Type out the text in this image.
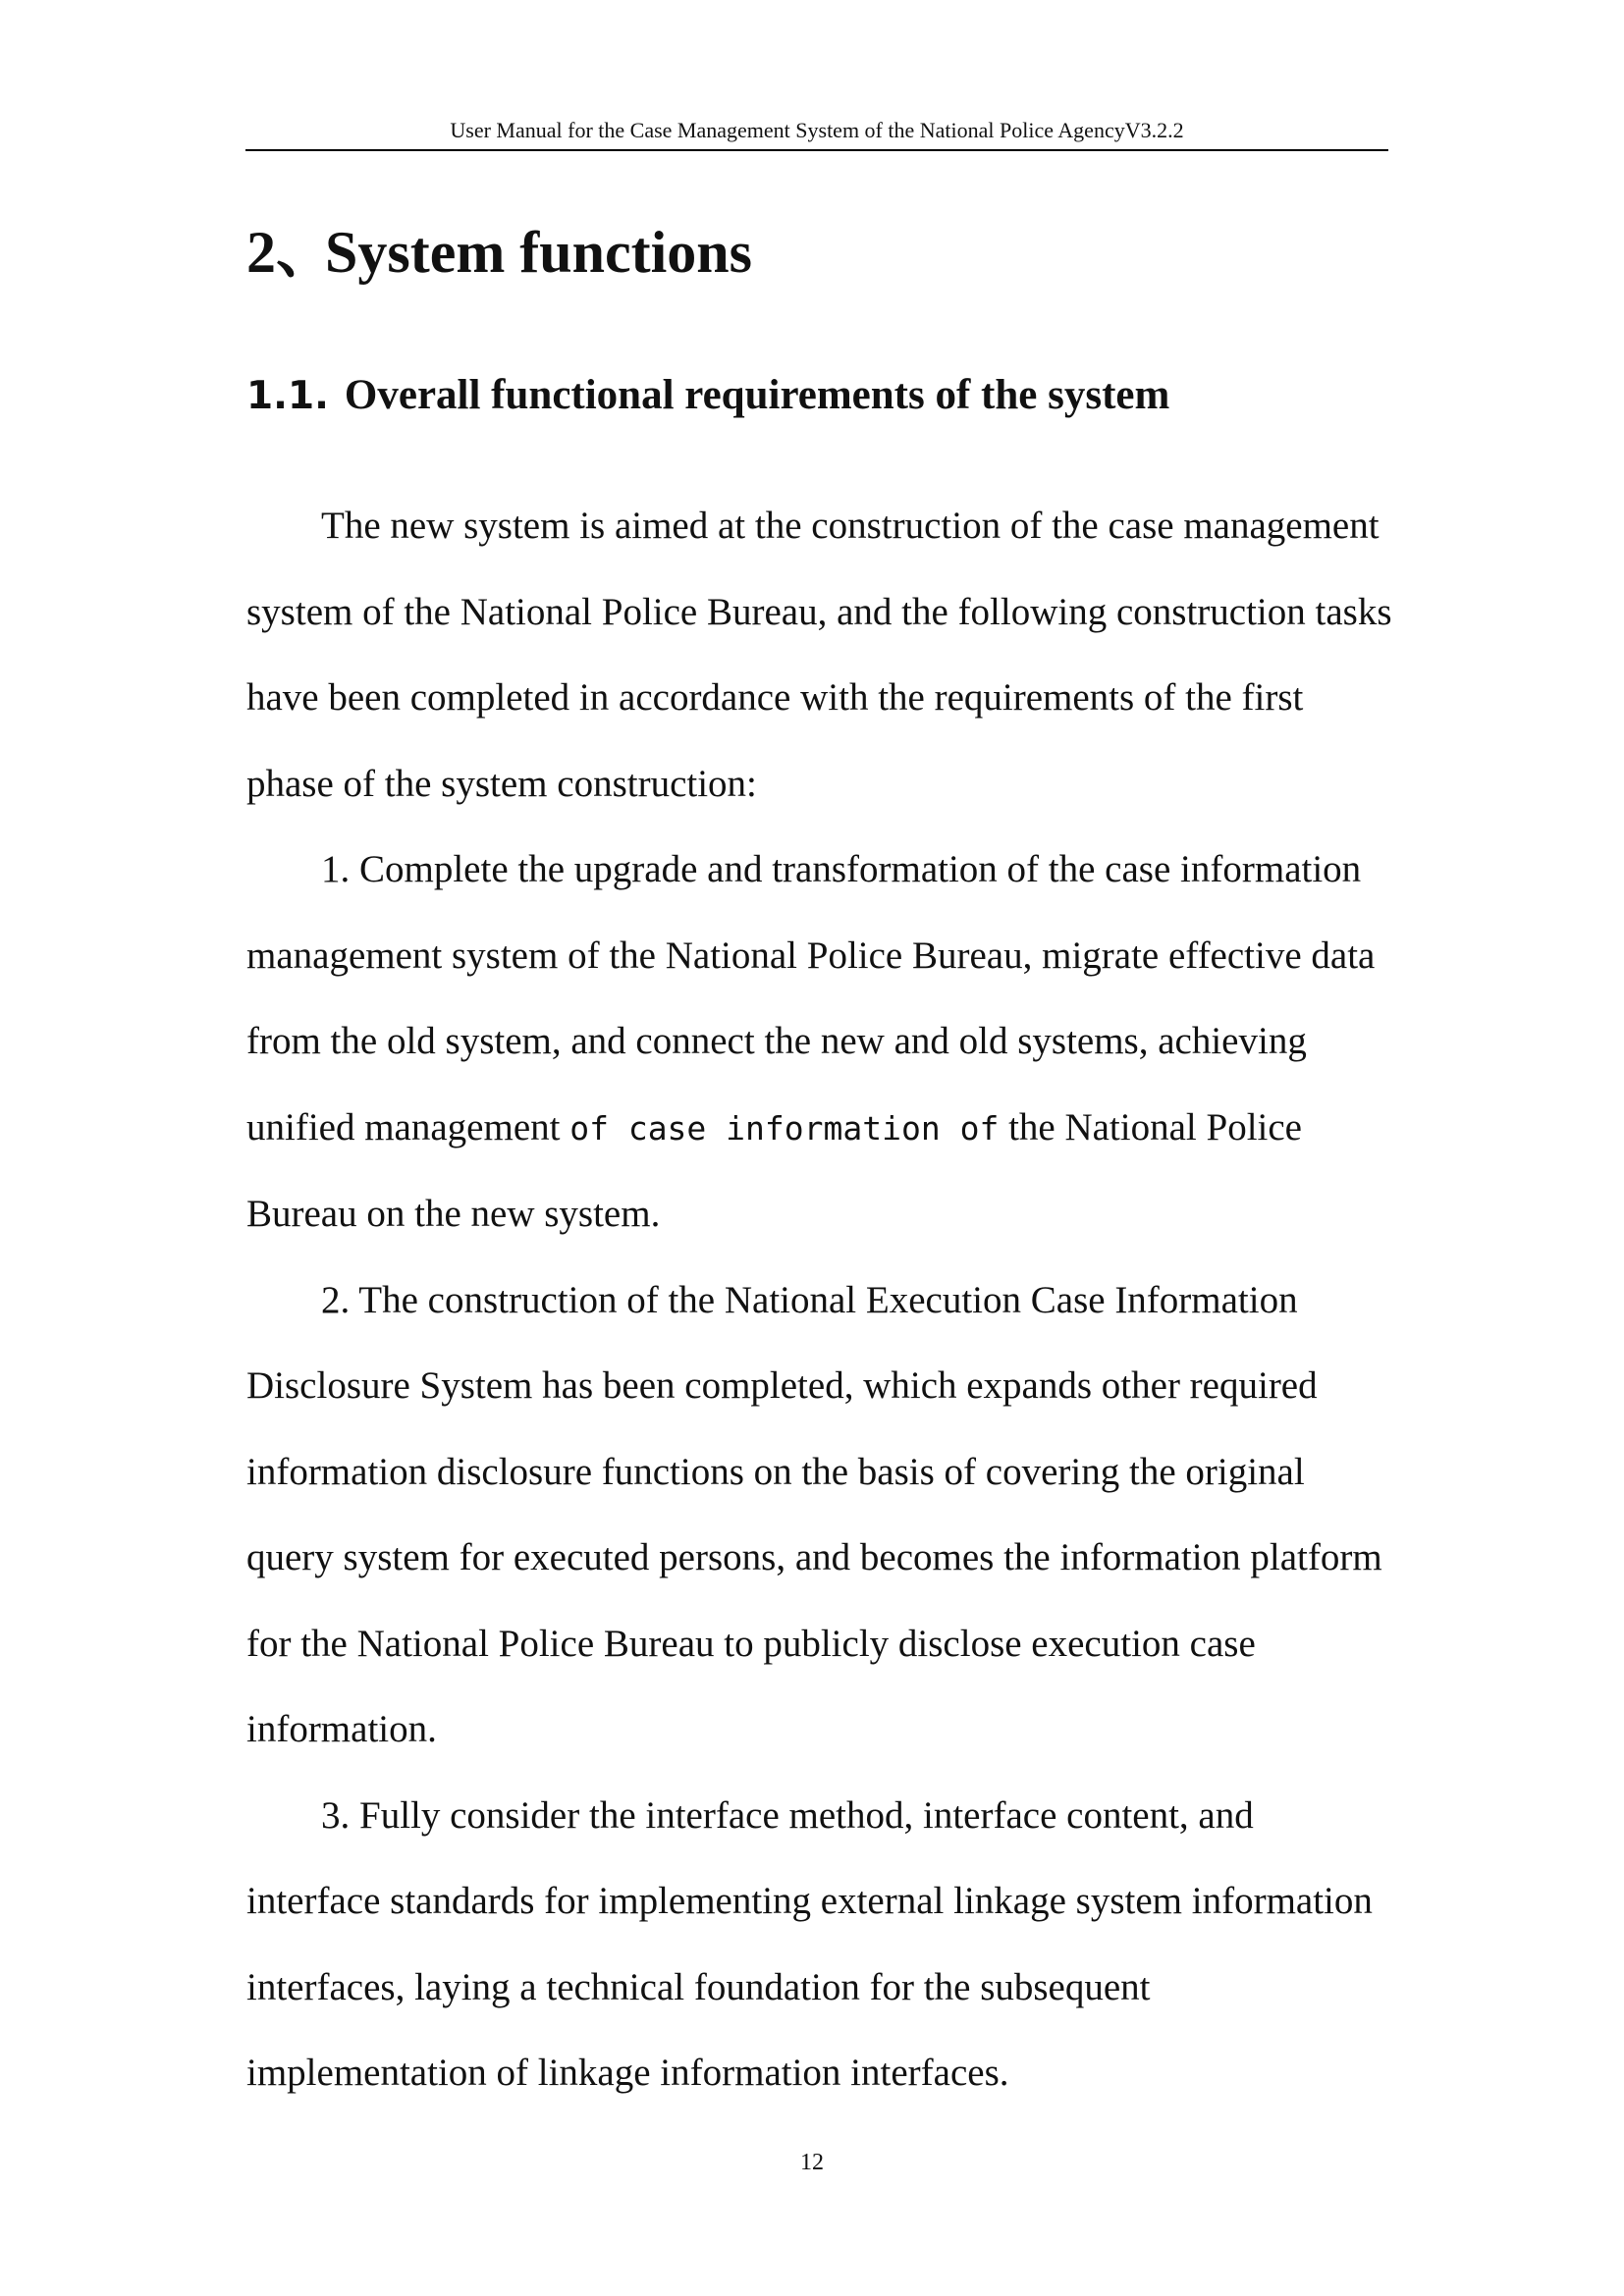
User Manual for the Case Management System of the National Police AgencyV3.2.2
2、System functions
1.1. Overall functional requirements of the system

The new system is aimed at the construction of the case management system of the National Police Bureau, and the following construction tasks have been completed in accordance with the requirements of the first phase of the system construction:

1. Complete the upgrade and transformation of the case information management system of the National Police Bureau, migrate effective data from the old system, and connect the new and old systems, achieving unified management of case information of the National Police Bureau on the new system.

2. The construction of the National Execution Case Information Disclosure System has been completed, which expands other required information disclosure functions on the basis of covering the original query system for executed persons, and becomes the information platform for the National Police Bureau to publicly disclose execution case information.

3. Fully consider the interface method, interface content, and interface standards for implementing external linkage system information interfaces, laying a technical foundation for the subsequent implementation of linkage information interfaces.

12
